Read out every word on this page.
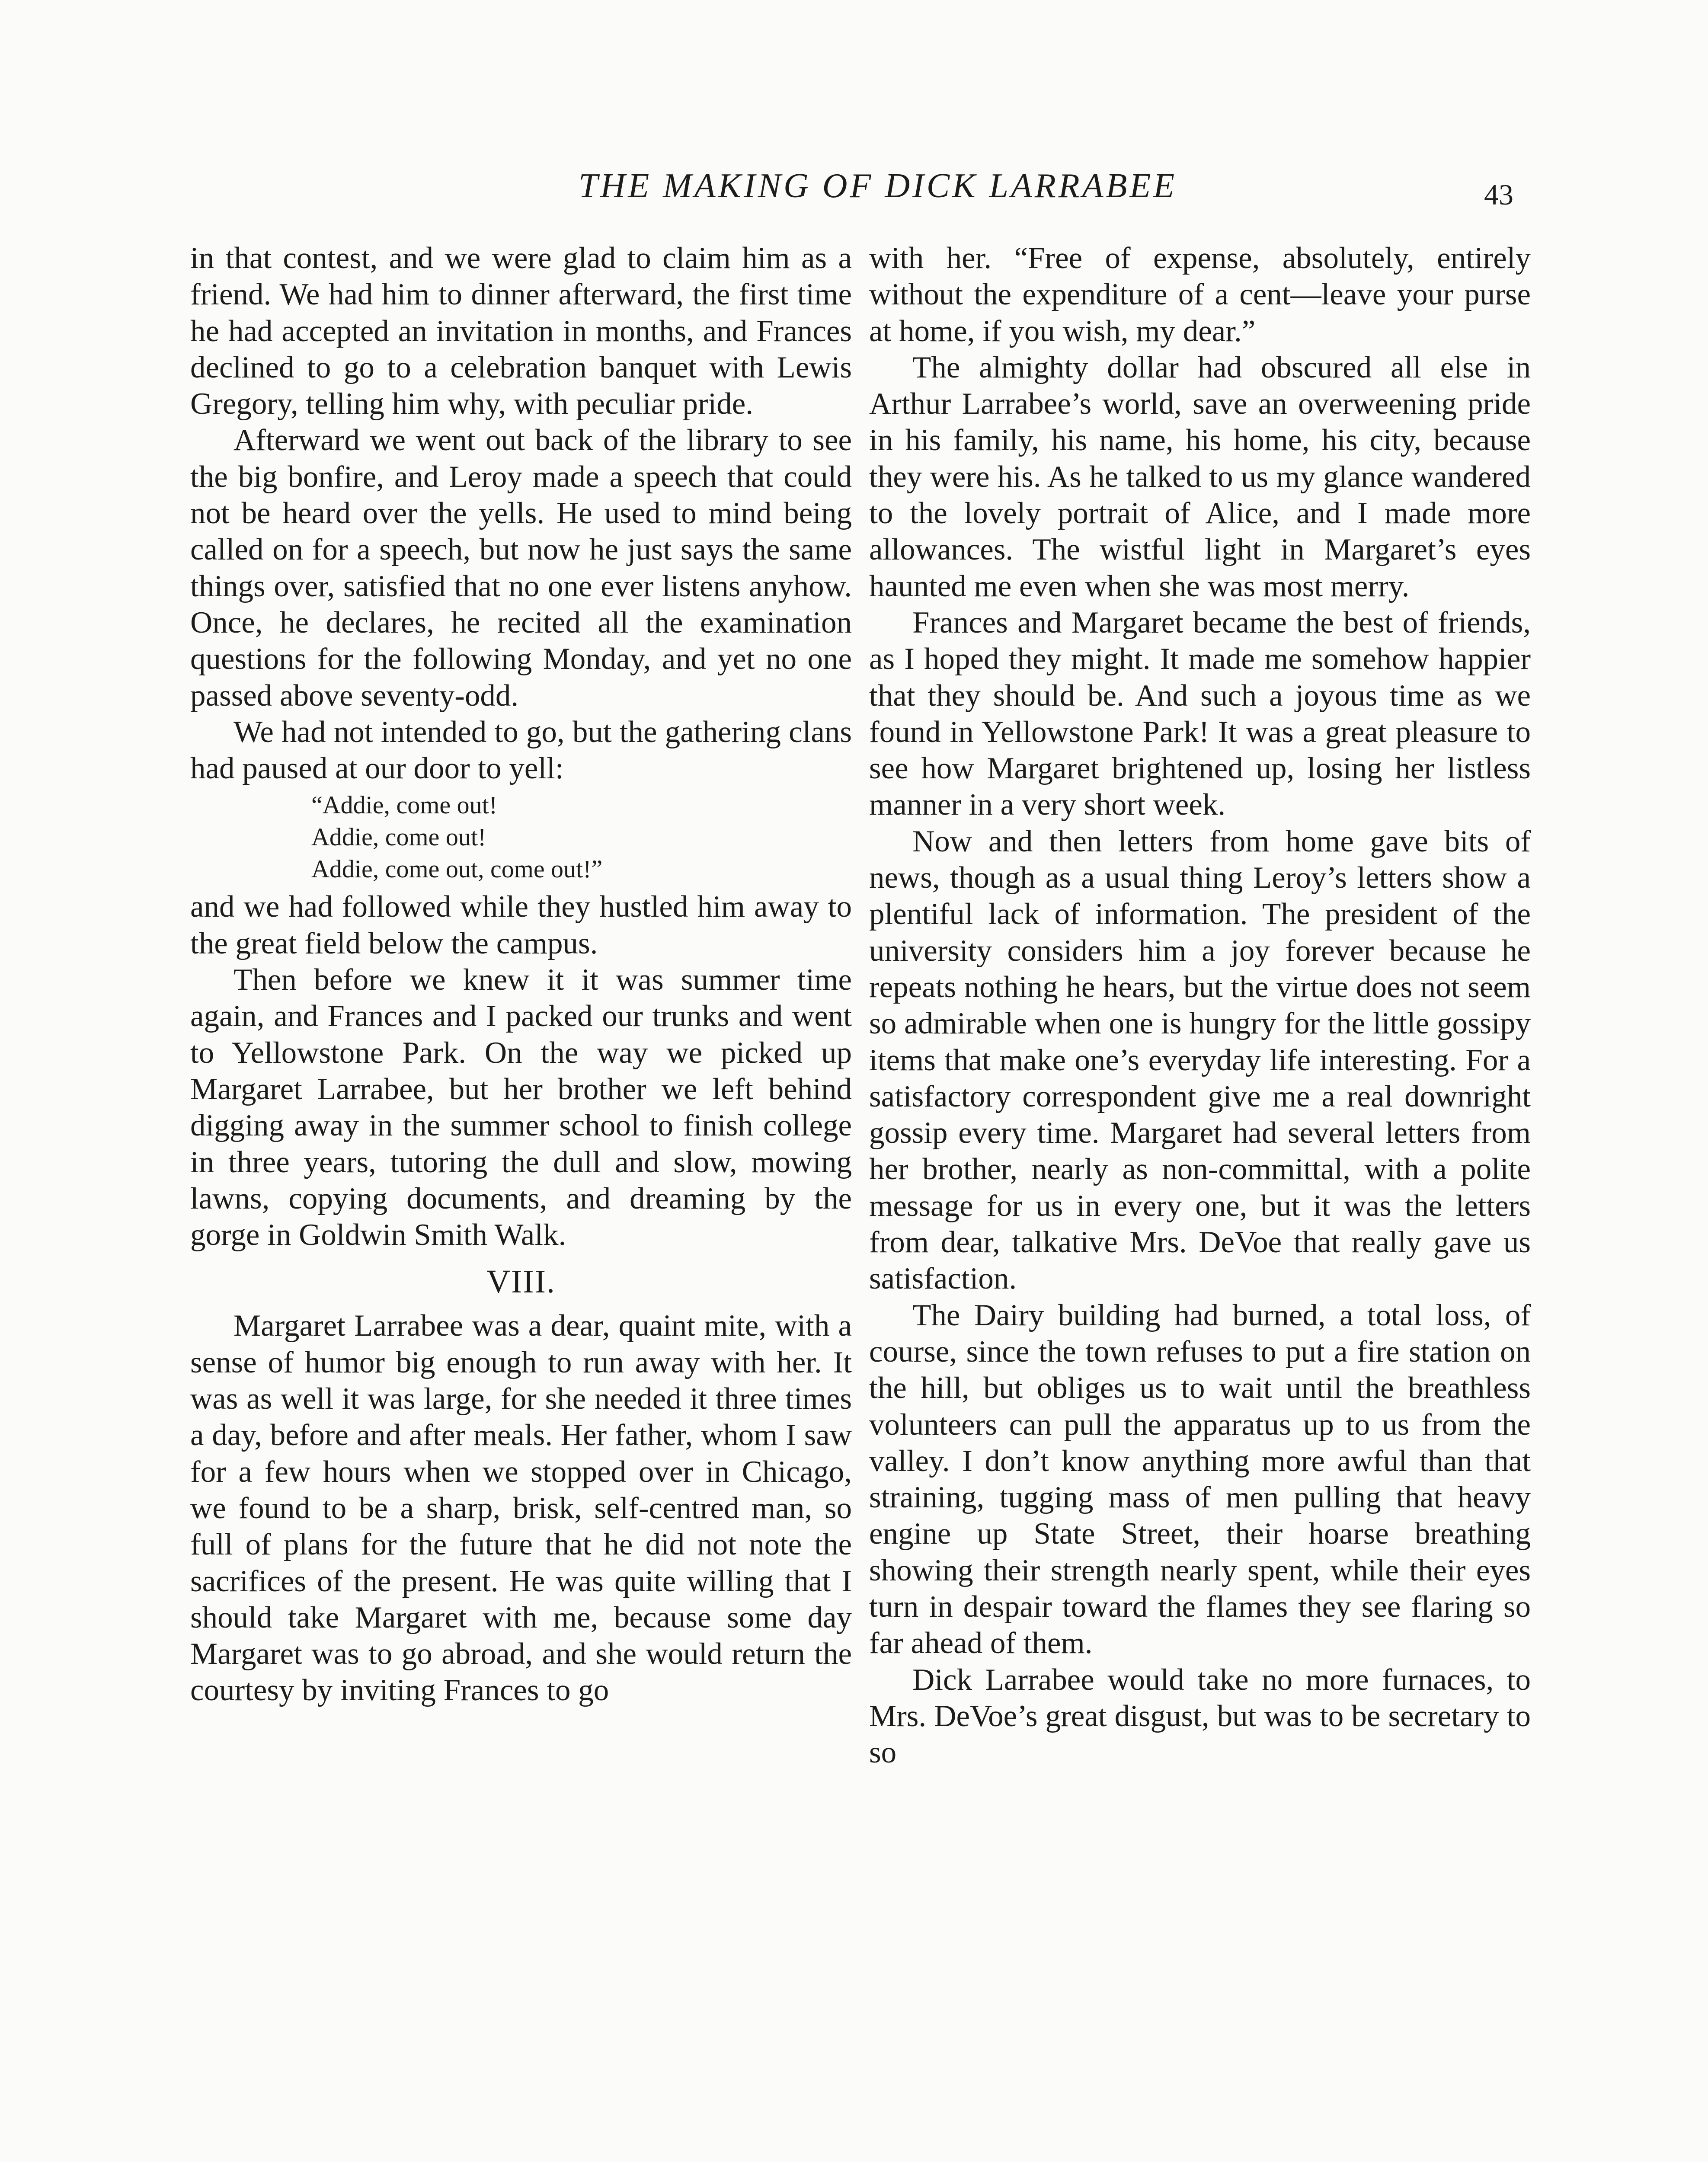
THE MAKING OF DICK LARRABEE	43

in that contest, and we were glad to claim him as a friend. We had him to dinner afterward, the first time he had accepted an invitation in months, and Frances declined to go to a celebration banquet with Lewis Gregory, telling him why, with peculiar pride.

Afterward we went out back of the library to see the big bonfire, and Leroy made a speech that could not be heard over the yells. He used to mind being called on for a speech, but now he just says the same things over, satisfied that no one ever listens anyhow. Once, he declares, he recited all the examination questions for the following Monday, and yet no one passed above seventy-odd.

We had not intended to go, but the gathering clans had paused at our door to yell:

“Addie, come out!
Addie, come out!
Addie, come out, come out!”

and we had followed while they hustled him away to the great field below the campus.

Then before we knew it it was summer time again, and Frances and I packed our trunks and went to Yellowstone Park. On the way we picked up Margaret Larrabee, but her brother we left behind digging away in the summer school to finish college in three years, tutoring the dull and slow, mowing lawns, copying documents, and dreaming by the gorge in Goldwin Smith Walk.

VIII.

Margaret Larrabee was a dear, quaint mite, with a sense of humor big enough to run away with her. It was as well it was large, for she needed it three times a day, before and after meals. Her father, whom I saw for a few hours when we stopped over in Chicago, we found to be a sharp, brisk, self-centred man, so full of plans for the future that he did not note the sacrifices of the present. He was quite willing that I should take Margaret with me, because some day Margaret was to go abroad, and she would return the courtesy by inviting Frances to go

with her. “Free of expense, absolutely, entirely without the expenditure of a cent—leave your purse at home, if you wish, my dear.”

The almighty dollar had obscured all else in Arthur Larrabee’s world, save an overweening pride in his family, his name, his home, his city, because they were his. As he talked to us my glance wandered to the lovely portrait of Alice, and I made more allowances. The wistful light in Margaret’s eyes haunted me even when she was most merry.

Frances and Margaret became the best of friends, as I hoped they might. It made me somehow happier that they should be. And such a joyous time as we found in Yellowstone Park! It was a great pleasure to see how Margaret brightened up, losing her listless manner in a very short week.

Now and then letters from home gave bits of news, though as a usual thing Leroy’s letters show a plentiful lack of information. The president of the university considers him a joy forever because he repeats nothing he hears, but the virtue does not seem so admirable when one is hungry for the little gossipy items that make one’s everyday life interesting. For a satisfactory correspondent give me a real downright gossip every time. Margaret had several letters from her brother, nearly as non-committal, with a polite message for us in every one, but it was the letters from dear, talkative Mrs. DeVoe that really gave us satisfaction.

The Dairy building had burned, a total loss, of course, since the town refuses to put a fire station on the hill, but obliges us to wait until the breathless volunteers can pull the apparatus up to us from the valley. I don’t know anything more awful than that straining, tugging mass of men pulling that heavy engine up State Street, their hoarse breathing showing their strength nearly spent, while their eyes turn in despair toward the flames they see flaring so far ahead of them.

Dick Larrabee would take no more furnaces, to Mrs. DeVoe’s great disgust, but was to be secretary to so
